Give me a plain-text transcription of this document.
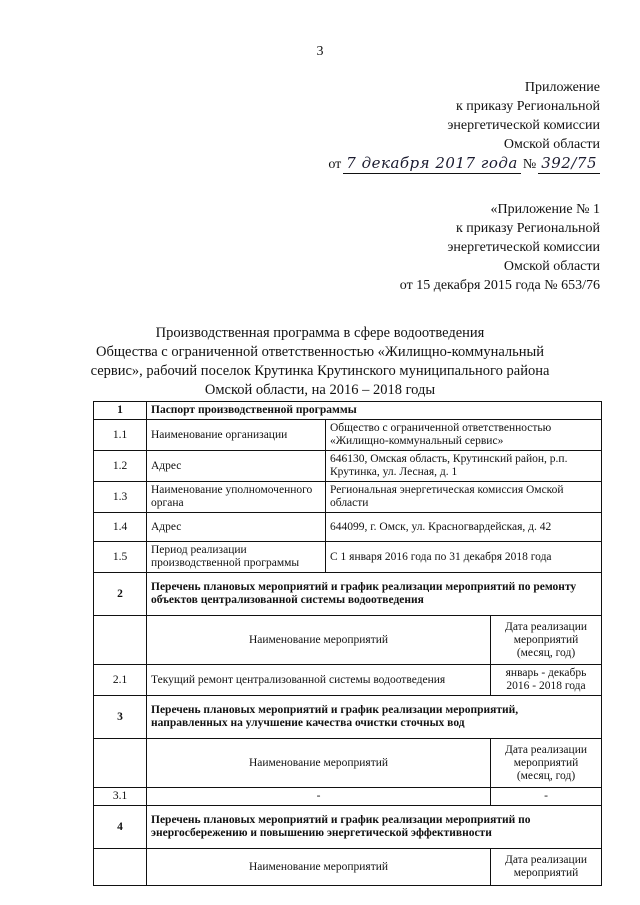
3
Приложение
к приказу Региональной
энергетической комиссии
Омской области
от 7 декабря 2017 года № 392/75
«Приложение № 1
к приказу Региональной
энергетической комиссии
Омской области
от 15 декабря 2015 года № 653/76
Производственная программа в сфере водоотведения
Общества с ограниченной ответственностью «Жилищно-коммунальный
сервис», рабочий поселок Крутинка Крутинского муниципального района
Омской области, на 2016 – 2018 годы
1	Паспорт производственной программы		
1.1	Наименование организации	Общество с ограниченной ответственностью «Жилищно-коммунальный сервис»	
1.2	Адрес	646130, Омская область, Крутинский район, р.п. Крутинка, ул. Лесная, д. 1	
1.3	Наименование уполномоченного органа	Региональная энергетическая комиссия Омской области	
1.4	Адрес	644099, г. Омск, ул. Красногвардейская, д. 42	
1.5	Период реализации производственной программы	С 1 января 2016 года по 31 декабря 2018 года	
2	Перечень плановых мероприятий и график реализации мероприятий по ремонту объектов централизованной системы водоотведения		
	Наименование мероприятий		Дата реализации мероприятий (месяц, год)
2.1	Текущий ремонт централизованной системы водоотведения		январь - декабрь 2016 - 2018 года
3	Перечень плановых мероприятий и график реализации мероприятий, направленных на улучшение качества очистки сточных вод		
	Наименование мероприятий		Дата реализации мероприятий (месяц, год)
3.1	-		-
4	Перечень плановых мероприятий и график реализации мероприятий по энергосбережению и повышению энергетической эффективности		
	Наименование мероприятий		Дата реализации мероприятий
